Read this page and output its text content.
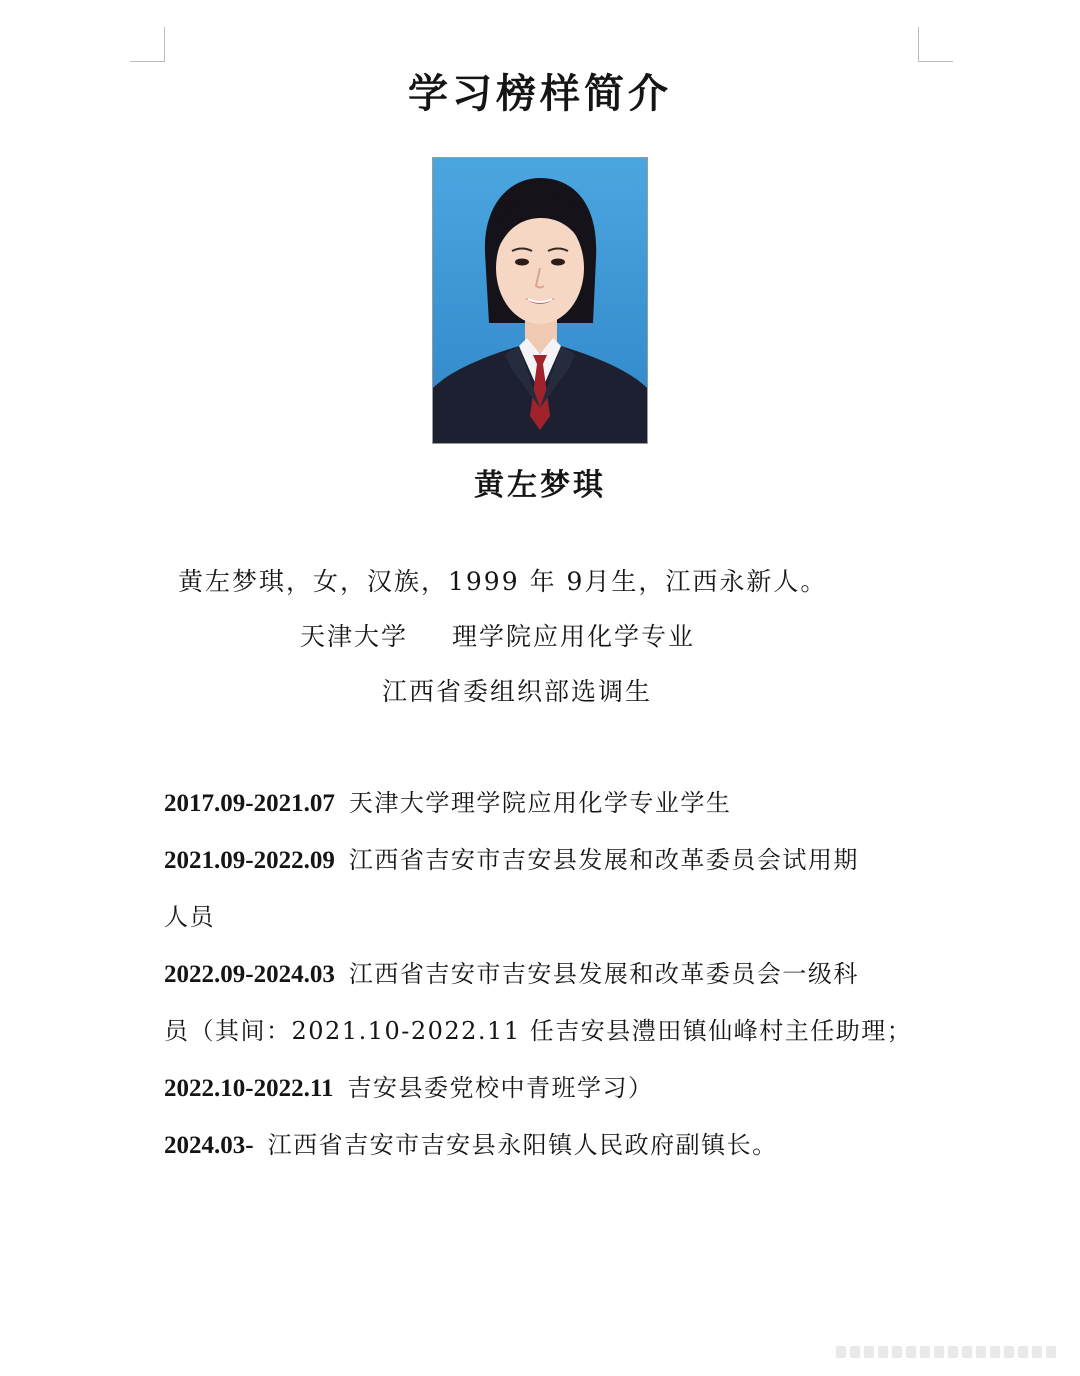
学习榜样简介
黄左梦琪
黄左梦琪，女，汉族，1999 年 9月生，江西永新人。
天津大学 理学院应用化学专业
江西省委组织部选调生
2017.09-2021.07 天津大学理学院应用化学专业学生
2021.09-2022.09 江西省吉安市吉安县发展和改革委员会试用期
人员
2022.09-2024.03 江西省吉安市吉安县发展和改革委员会一级科
员（其间：2021.10-2022.11 任吉安县澧田镇仙峰村主任助理；
2022.10-2022.11 吉安县委党校中青班学习）
2024.03- 江西省吉安市吉安县永阳镇人民政府副镇长。
